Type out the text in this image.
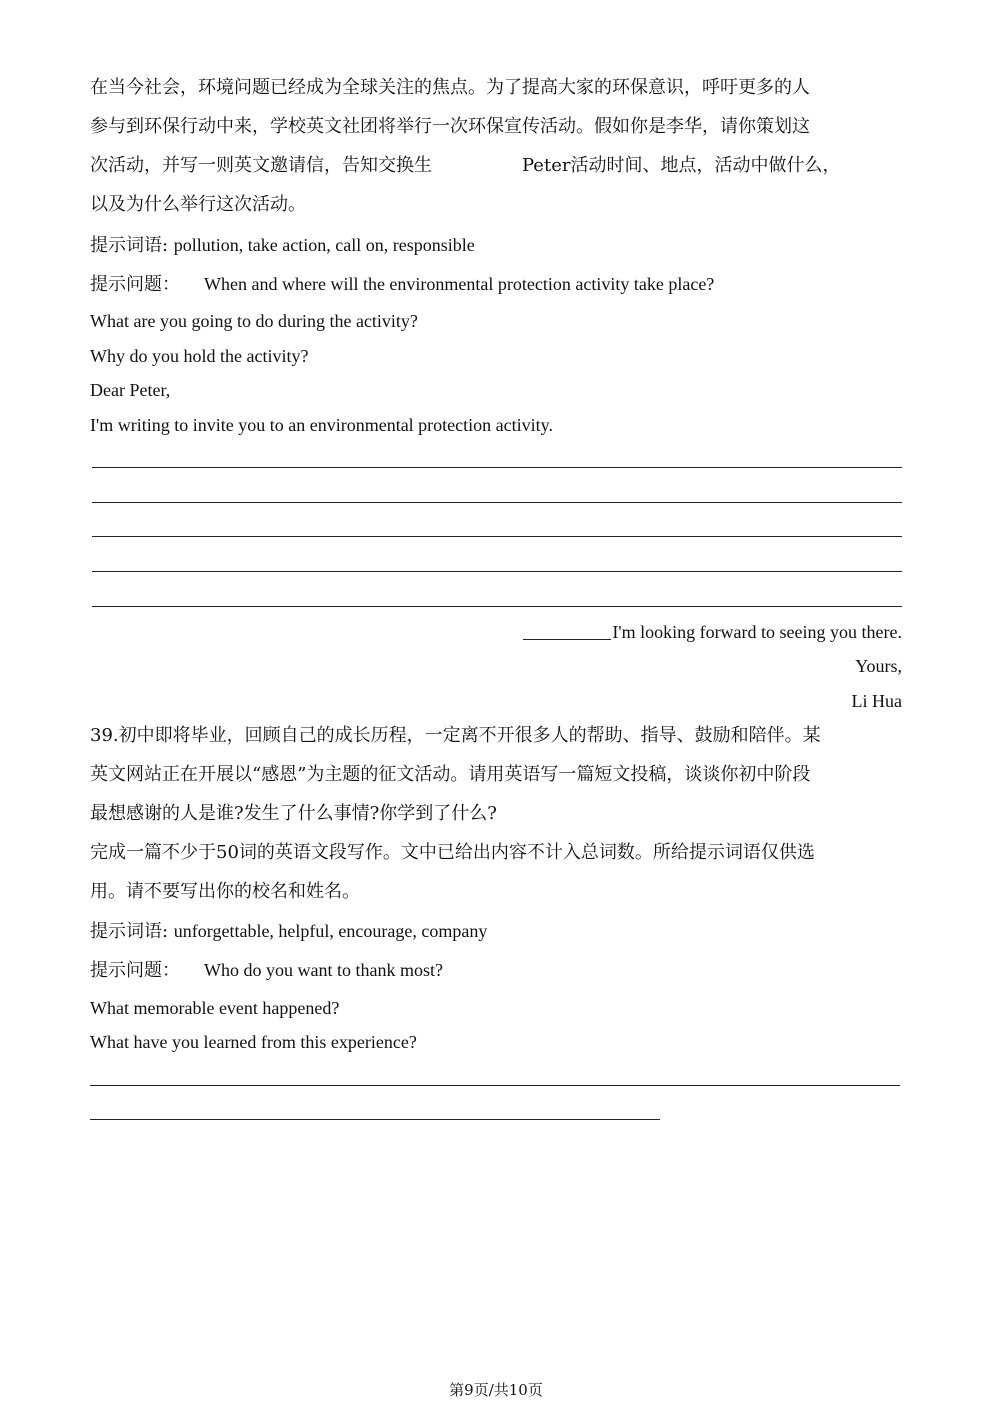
在当今社会，环境问题已经成为全球关注的焦点。为了提高大家的环保意识，呼吁更多的人
参与到环保行动中来，学校英文社团将举行一次环保宣传活动。假如你是李华，请你策划这
次活动，并写一则英文邀请信，告知交换生	Peter活动时间、地点，活动中做什么，
以及为什么举行这次活动。
提示词语: pollution, take action, call on, responsible
提示问题： When and where will the environmental protection activity take place?
What are you going to do during the activity?
Why do you hold the activity?
Dear Peter,
I'm writing to invite you to an environmental protection activity.
I'm looking forward to seeing you there.
Yours,
Li Hua
39.初中即将毕业，回顾自己的成长历程，一定离不开很多人的帮助、指导、鼓励和陪伴。某
英文网站正在开展以“感恩”为主题的征文活动。请用英语写一篇短文投稿，谈谈你初中阶段
最想感谢的人是谁?发生了什么事情?你学到了什么?
完成一篇不少于50词的英语文段写作。文中已给出内容不计入总词数。所给提示词语仅供选
用。请不要写出你的校名和姓名。
提示词语: unforgettable, helpful, encourage, company
提示问题： Who do you want to thank most?
What memorable event happened?
What have you learned from this experience?
第9页/共10页
